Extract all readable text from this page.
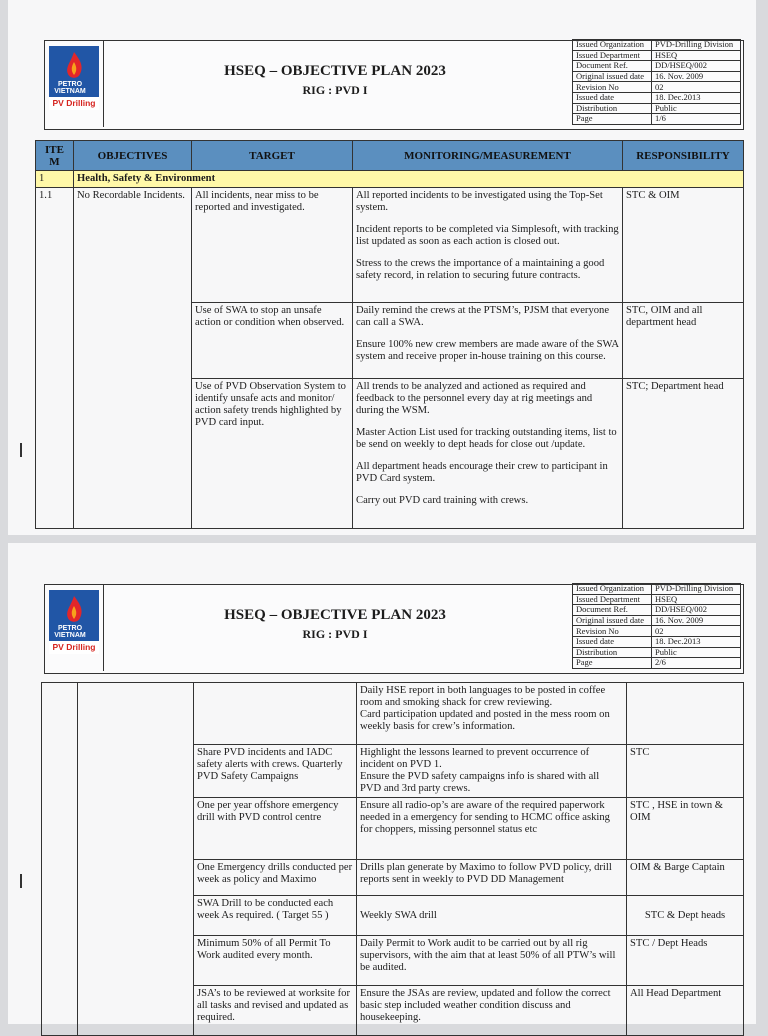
PETRO VIETNAM
PV Drilling
HSEQ – OBJECTIVE PLAN 2023
RIG : PVD I
Issued Organization	PVD-Drilling Division
Issued Department	HSEQ
Document Ref.	DD/HSEQ/002
Original issued date	16. Nov. 2009
Revision No	02
Issued date	18. Dec.2013
Distribution	Public
Page	1/6
ITE M	OBJECTIVES	TARGET	MONITORING/MEASUREMENT	RESPONSIBILITY
1	Health, Safety & Environment			
1.1	No Recordable Incidents.	All incidents, near miss to be reported and investigated.	All reported incidents to be investigated using the Top-Set system.

Incident reports to be completed via Simplesoft, with tracking list updated as soon as each action is closed out.

Stress to the crews the importance of a maintaining a good safety record, in relation to securing future contracts.	STC & OIM
		Use of SWA to stop an unsafe action or condition when observed.	Daily remind the crews at the PTSM’s, PJSM that everyone can call a SWA.

Ensure 100% new crew members are made aware of the SWA system and receive proper in-house training on this course.	STC, OIM and all department head
		Use of PVD Observation System to identify unsafe acts and monitor/ action safety trends highlighted by PVD card input.	All trends to be analyzed and actioned as required and feedback to the personnel every day at rig meetings and during the WSM.

Master Action List used for tracking outstanding items, list to be send on weekly to dept heads for close out /update.

All department heads encourage their crew to participant in PVD Card system.

Carry out PVD card training with crews.	STC; Department head
PETRO VIETNAM
PV Drilling
HSEQ – OBJECTIVE PLAN 2023
RIG : PVD I
Issued Organization	PVD-Drilling Division
Issued Department	HSEQ
Document Ref.	DD/HSEQ/002
Original issued date	16. Nov. 2009
Revision No	02
Issued date	18. Dec.2013
Distribution	Public
Page	2/6

			Daily HSE report in both languages to be posted in coffee room and smoking shack for crew reviewing.
Card participation updated and posted in the mess room on weekly basis for crew’s information.	

		Share PVD incidents and IADC safety alerts with crews. Quarterly PVD Safety Campaigns	Highlight the lessons learned to prevent occurrence of incident on PVD 1.
Ensure the PVD safety campaigns info is shared with all PVD and 3rd party crews.	STC
		One per year offshore emergency drill with PVD control centre	Ensure all radio-op’s are aware of the required paperwork needed in a emergency for sending to HCMC office asking for choppers, missing personnel status etc	STC , HSE in town & OIM
		One Emergency drills conducted per week as policy and Maximo	Drills plan generate by Maximo to follow PVD policy, drill reports sent in weekly to PVD DD Management	OIM & Barge Captain
		SWA Drill to be conducted each week As required. ( Target 55 )	Weekly SWA drill	STC & Dept heads
		Minimum 50% of all Permit To Work audited every month.	Daily Permit to Work audit to be carried out by all rig supervisors, with the aim that at least 50% of all PTW’s will be audited.	STC / Dept Heads
		JSA’s to be reviewed at worksite for all tasks and revised and updated as required.	Ensure the JSAs are review, updated and follow the correct basic step included weather condition discuss and housekeeping.	All Head Department
